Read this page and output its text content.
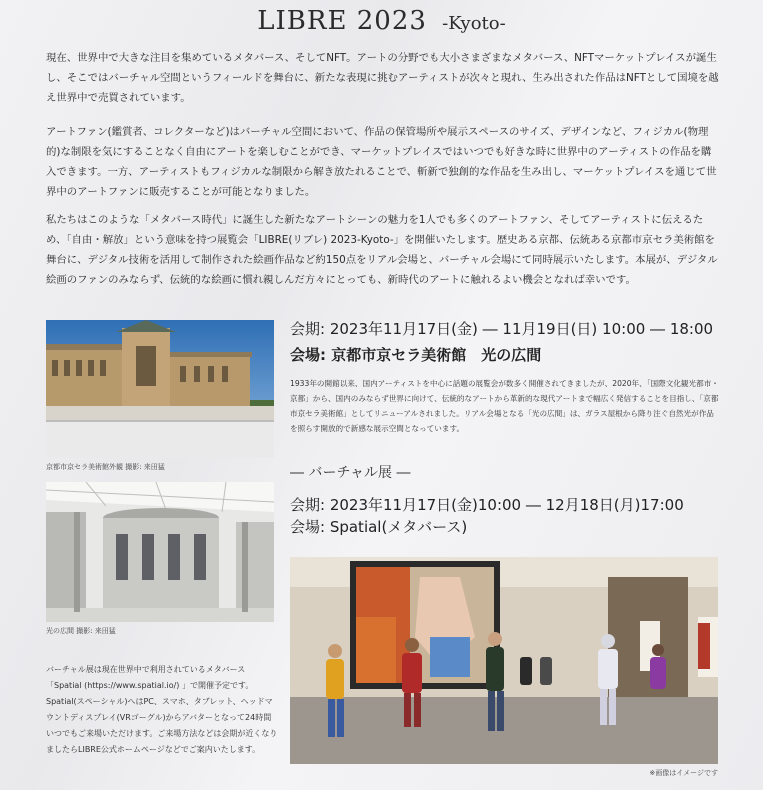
LIBRE 2023 -Kyoto-

現在、世界中で大きな注目を集めているメタバース、そしてNFT。アートの分野でも大小さまざまなメタバース、NFTマーケットプレイスが誕生し、そこではバーチャル空間というフィールドを舞台に、新たな表現に挑むアーティストが次々と現れ、生み出された作品はNFTとして国境を越え世界中で売買されています。

アートファン(鑑賞者、コレクターなど)はバーチャル空間において、作品の保管場所や展示スペースのサイズ、デザインなど、フィジカル(物理的)な制限を気にすることなく自由にアートを楽しむことができ、マーケットプレイスではいつでも好きな時に世界中のアーティストの作品を購入できます。一方、アーティストもフィジカルな制限から解き放たれることで、斬新で独創的な作品を生み出し、マーケットプレイスを通じて世界中のアートファンに販売することが可能となりました。

私たちはこのような「メタバース時代」に誕生した新たなアートシーンの魅力を1人でも多くのアートファン、そしてアーティストに伝えるため、「自由・解放」という意味を持つ展覧会「LIBRE(リブレ) 2023-Kyoto-」を開催いたします。歴史ある京都、伝統ある京都市京セラ美術館を舞台に、デジタル技術を活用して制作された絵画作品など約150点をリアル会場と、バーチャル会場にて同時展示いたします。本展が、デジタル絵画のファンのみならず、伝統的な絵画に慣れ親しんだ方々にとっても、新時代のアートに触れるよい機会となれば幸いです。

京都市京セラ美術館外観 撮影: 来田猛
光の広間 撮影: 来田猛
会期: 2023年11月17日(金) ― 11月19日(日) 10:00 ― 18:00
会場: 京都市京セラ美術館　光の広間

1933年の開館以来、国内アーティストを中心に話題の展覧会が数多く開催されてきましたが、2020年、「国際文化観光都市・京都」から、国内のみならず世界に向けて、伝統的なアートから革新的な現代アートまで幅広く発信することを目指し、「京都市京セラ美術館」としてリニューアルされました。リアル会場となる「光の広間」は、ガラス屋根から降り注ぐ自然光が作品を照らす開放的で新感な展示空間となっています。

― バーチャル展 ―
会期: 2023年11月17日(金)10:00 ― 12月18日(月)17:00
会場: Spatial(メタバース)
※画像はイメージです

バーチャル展は現在世界中で利用されているメタバース「Spatial (https://www.spatial.io/) 」で開催予定です。Spatial(スペーシャル)へはPC、スマホ、タブレット、ヘッドマウントディスプレイ(VRゴーグル)からアバターとなって24時間いつでもご来場いただけます。ご来場方法などは会期が近くなりましたらLIBRE公式ホームページなどでご案内いたします。
